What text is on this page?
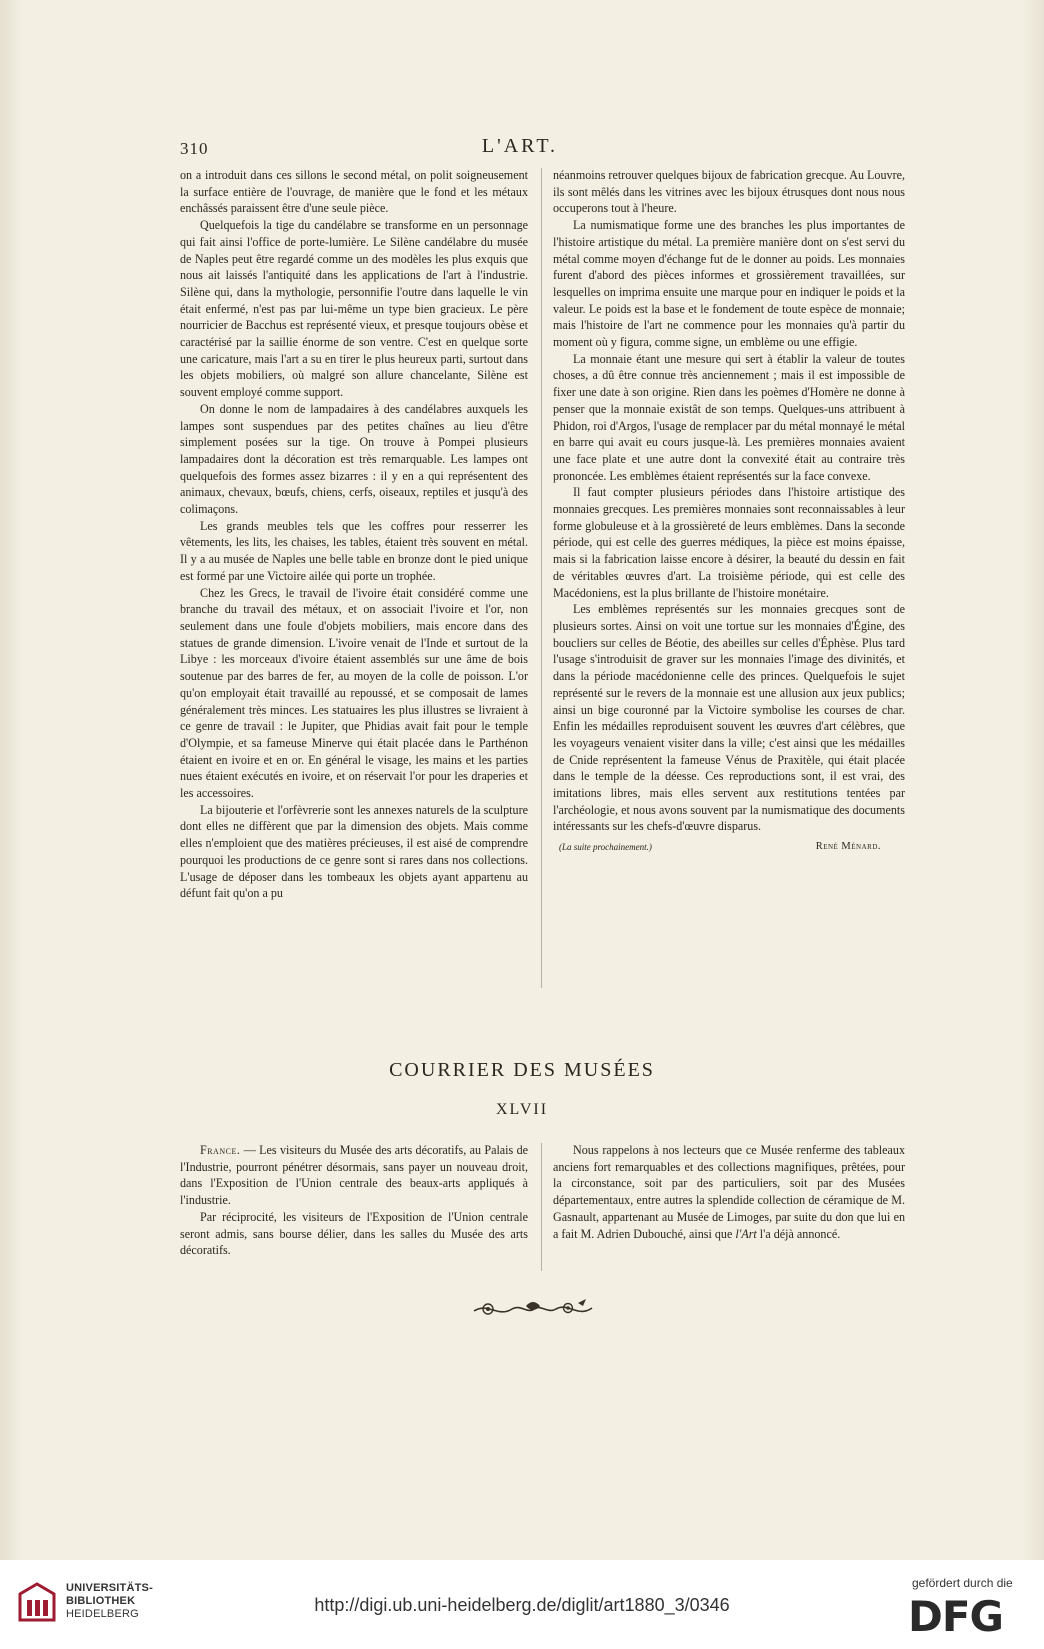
310	L'ART.

on a introduit dans ces sillons le second métal, on polit soigneusement la surface entière de l'ouvrage, de manière que le fond et les métaux enchâssés paraissent être d'une seule pièce.

Quelquefois la tige du candélabre se transforme en un personnage qui fait ainsi l'office de porte-lumière. Le Silène candélabre du musée de Naples peut être regardé comme un des modèles les plus exquis que nous ait laissés l'antiquité dans les applications de l'art à l'industrie. Silène qui, dans la mythologie, personnifie l'outre dans laquelle le vin était enfermé, n'est pas par lui-même un type bien gracieux. Le père nourricier de Bacchus est représenté vieux, et presque toujours obèse et caractérisé par la saillie énorme de son ventre. C'est en quelque sorte une caricature, mais l'art a su en tirer le plus heureux parti, surtout dans les objets mobiliers, où malgré son allure chancelante, Silène est souvent employé comme support.

On donne le nom de lampadaires à des candélabres auxquels les lampes sont suspendues par des petites chaînes au lieu d'être simplement posées sur la tige. On trouve à Pompei plusieurs lampadaires dont la décoration est très remarquable. Les lampes ont quelquefois des formes assez bizarres : il y en a qui représentent des animaux, chevaux, bœufs, chiens, cerfs, oiseaux, reptiles et jusqu'à des colimaçons.

Les grands meubles tels que les coffres pour resserrer les vêtements, les lits, les chaises, les tables, étaient très souvent en métal. Il y a au musée de Naples une belle table en bronze dont le pied unique est formé par une Victoire ailée qui porte un trophée.

Chez les Grecs, le travail de l'ivoire était considéré comme une branche du travail des métaux, et on associait l'ivoire et l'or, non seulement dans une foule d'objets mobiliers, mais encore dans des statues de grande dimension. L'ivoire venait de l'Inde et surtout de la Libye : les morceaux d'ivoire étaient assemblés sur une âme de bois soutenue par des barres de fer, au moyen de la colle de poisson. L'or qu'on employait était travaillé au repoussé, et se composait de lames généralement très minces. Les statuaires les plus illustres se livraient à ce genre de travail : le Jupiter, que Phidias avait fait pour le temple d'Olympie, et sa fameuse Minerve qui était placée dans le Parthénon étaient en ivoire et en or. En général le visage, les mains et les parties nues étaient exécutés en ivoire, et on réservait l'or pour les draperies et les accessoires.

La bijouterie et l'orfèvrerie sont les annexes naturels de la sculpture dont elles ne diffèrent que par la dimension des objets. Mais comme elles n'emploient que des matières précieuses, il est aisé de comprendre pourquoi les productions de ce genre sont si rares dans nos collections. L'usage de déposer dans les tombeaux les objets ayant appartenu au défunt fait qu'on a pu

néanmoins retrouver quelques bijoux de fabrication grecque. Au Louvre, ils sont mêlés dans les vitrines avec les bijoux étrusques dont nous nous occuperons tout à l'heure.

La numismatique forme une des branches les plus importantes de l'histoire artistique du métal. La première manière dont on s'est servi du métal comme moyen d'échange fut de le donner au poids. Les monnaies furent d'abord des pièces informes et grossièrement travaillées, sur lesquelles on imprima ensuite une marque pour en indiquer le poids et la valeur. Le poids est la base et le fondement de toute espèce de monnaie; mais l'histoire de l'art ne commence pour les monnaies qu'à partir du moment où y figura, comme signe, un emblème ou une effigie.

La monnaie étant une mesure qui sert à établir la valeur de toutes choses, a dû être connue très anciennement ; mais il est impossible de fixer une date à son origine. Rien dans les poèmes d'Homère ne donne à penser que la monnaie existât de son temps. Quelques-uns attribuent à Phidon, roi d'Argos, l'usage de remplacer par du métal monnayé le métal en barre qui avait eu cours jusque-là. Les premières monnaies avaient une face plate et une autre dont la convexité était au contraire très prononcée. Les emblèmes étaient représentés sur la face convexe.

Il faut compter plusieurs périodes dans l'histoire artistique des monnaies grecques. Les premières monnaies sont reconnaissables à leur forme globuleuse et à la grossièreté de leurs emblèmes. Dans la seconde période, qui est celle des guerres médiques, la pièce est moins épaisse, mais si la fabrication laisse encore à désirer, la beauté du dessin en fait de véritables œuvres d'art. La troisième période, qui est celle des Macédoniens, est la plus brillante de l'histoire monétaire.

Les emblèmes représentés sur les monnaies grecques sont de plusieurs sortes. Ainsi on voit une tortue sur les monnaies d'Égine, des boucliers sur celles de Béotie, des abeilles sur celles d'Éphèse. Plus tard l'usage s'introduisit de graver sur les monnaies l'image des divinités, et dans la période macédonienne celle des princes. Quelquefois le sujet représenté sur le revers de la monnaie est une allusion aux jeux publics; ainsi un bige couronné par la Victoire symbolise les courses de char. Enfin les médailles reproduisent souvent les œuvres d'art célèbres, que les voyageurs venaient visiter dans la ville; c'est ainsi que les médailles de Cnide représentent la fameuse Vénus de Praxitèle, qui était placée dans le temple de la déesse. Ces reproductions sont, il est vrai, des imitations libres, mais elles servent aux restitutions tentées par l'archéologie, et nous avons souvent par la numismatique des documents intéressants sur les chefs-d'œuvre disparus.

(La suite prochainement.)	René Ménard.
COURRIER DES MUSÉES
XLVII

France. — Les visiteurs du Musée des arts décoratifs, au Palais de l'Industrie, pourront pénétrer désormais, sans payer un nouveau droit, dans l'Exposition de l'Union centrale des beaux-arts appliqués à l'industrie.

Par réciprocité, les visiteurs de l'Exposition de l'Union centrale seront admis, sans bourse délier, dans les salles du Musée des arts décoratifs.

Nous rappelons à nos lecteurs que ce Musée renferme des tableaux anciens fort remarquables et des collections magnifiques, prêtées, pour la circonstance, soit par des particuliers, soit par des Musées départementaux, entre autres la splendide collection de céramique de M. Gasnault, appartenant au Musée de Limoges, par suite du don que lui en a fait M. Adrien Dubouché, ainsi que l'Art l'a déjà annoncé.

UNIVERSITÄTS-
BIBLIOTHEK
HEIDELBERG	http://digi.ub.uni-heidelberg.de/diglit/art1880_3/0346
gefördert durch die
DFG
